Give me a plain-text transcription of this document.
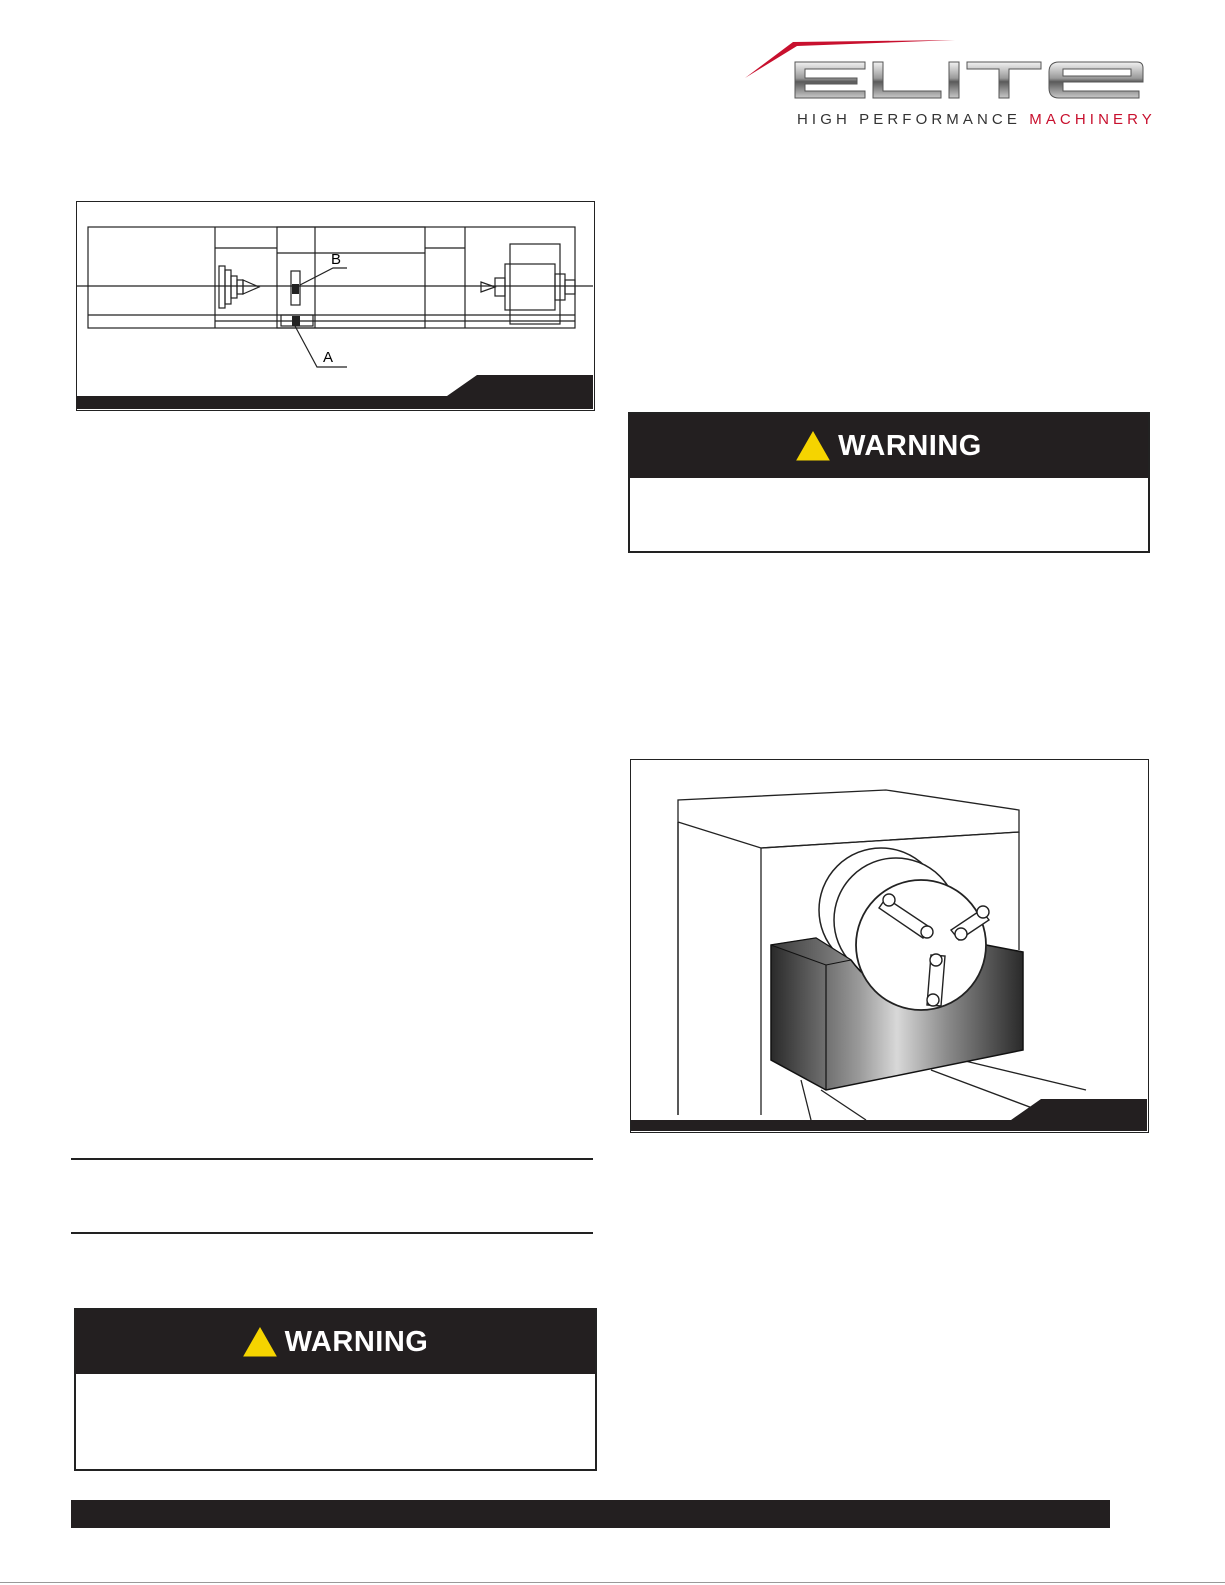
HIGH PERFORMANCE MACHINERY
B
A
WARNING
WARNING
